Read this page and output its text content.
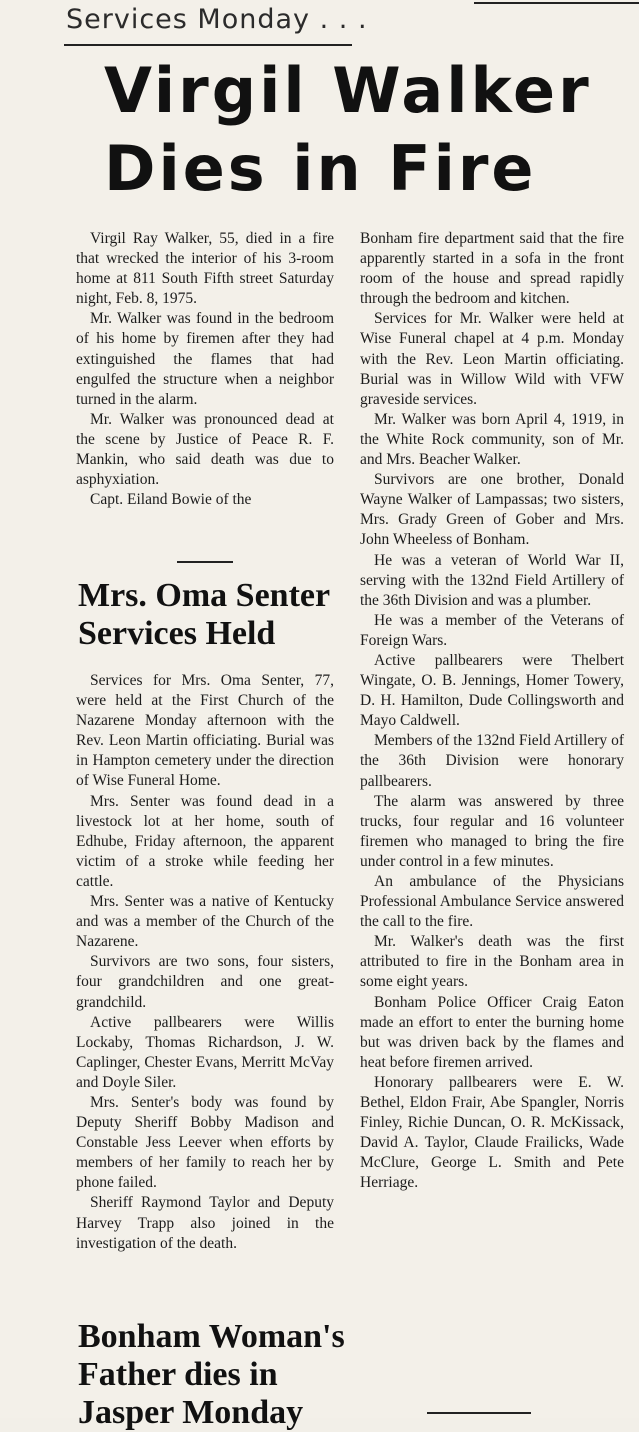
Services Monday . . .
Virgil Walker
Dies in Fire

Virgil Ray Walker, 55, died in a fire that wrecked the interior of his 3-room home at 811 South Fifth street Saturday night, Feb. 8, 1975.

Mr. Walker was found in the bedroom of his home by firemen after they had extinguished the flames that had engulfed the structure when a neighbor turned in the alarm.

Mr. Walker was pronounced dead at the scene by Justice of Peace R. F. Mankin, who said death was due to asphyxiation.

Capt. Eiland Bowie of the

Mrs. Oma Senter
Services Held

Services for Mrs. Oma Senter, 77, were held at the First Church of the Nazarene Monday afternoon with the Rev. Leon Martin officiating. Burial was in Hampton cemetery under the direction of Wise Funeral Home.

Mrs. Senter was found dead in a livestock lot at her home, south of Edhube, Friday afternoon, the apparent victim of a stroke while feeding her cattle.

Mrs. Senter was a native of Kentucky and was a member of the Church of the Nazarene.

Survivors are two sons, four sisters, four grandchildren and one great-grandchild.

Active pallbearers were Willis Lockaby, Thomas Richardson, J. W. Caplinger, Chester Evans, Merritt McVay and Doyle Siler.

Mrs. Senter's body was found by Deputy Sheriff Bobby Madison and Constable Jess Leever when efforts by members of her family to reach her by phone failed.

Sheriff Raymond Taylor and Deputy Harvey Trapp also joined in the investigation of the death.

Bonham Woman's
Father dies in
Jasper Monday

Bonham fire department said that the fire apparently started in a sofa in the front room of the house and spread rapidly through the bedroom and kitchen.

Services for Mr. Walker were held at Wise Funeral chapel at 4 p.m. Monday with the Rev. Leon Martin officiating. Burial was in Willow Wild with VFW graveside services.

Mr. Walker was born April 4, 1919, in the White Rock community, son of Mr. and Mrs. Beacher Walker.

Survivors are one brother, Donald Wayne Walker of Lampassas; two sisters, Mrs. Grady Green of Gober and Mrs. John Wheeless of Bonham.

He was a veteran of World War II, serving with the 132nd Field Artillery of the 36th Division and was a plumber.

He was a member of the Veterans of Foreign Wars.

Active pallbearers were Thelbert Wingate, O. B. Jennings, Homer Towery, D. H. Hamilton, Dude Collingsworth and Mayo Caldwell.

Members of the 132nd Field Artillery of the 36th Division were honorary pallbearers.

The alarm was answered by three trucks, four regular and 16 volunteer firemen who managed to bring the fire under control in a few minutes.

An ambulance of the Physicians Professional Ambulance Service answered the call to the fire.

Mr. Walker's death was the first attributed to fire in the Bonham area in some eight years.

Bonham Police Officer Craig Eaton made an effort to enter the burning home but was driven back by the flames and heat before firemen arrived.

Honorary pallbearers were E. W. Bethel, Eldon Frair, Abe Spangler, Norris Finley, Richie Duncan, O. R. McKissack, David A. Taylor, Claude Frailicks, Wade McClure, George L. Smith and Pete Herriage.
